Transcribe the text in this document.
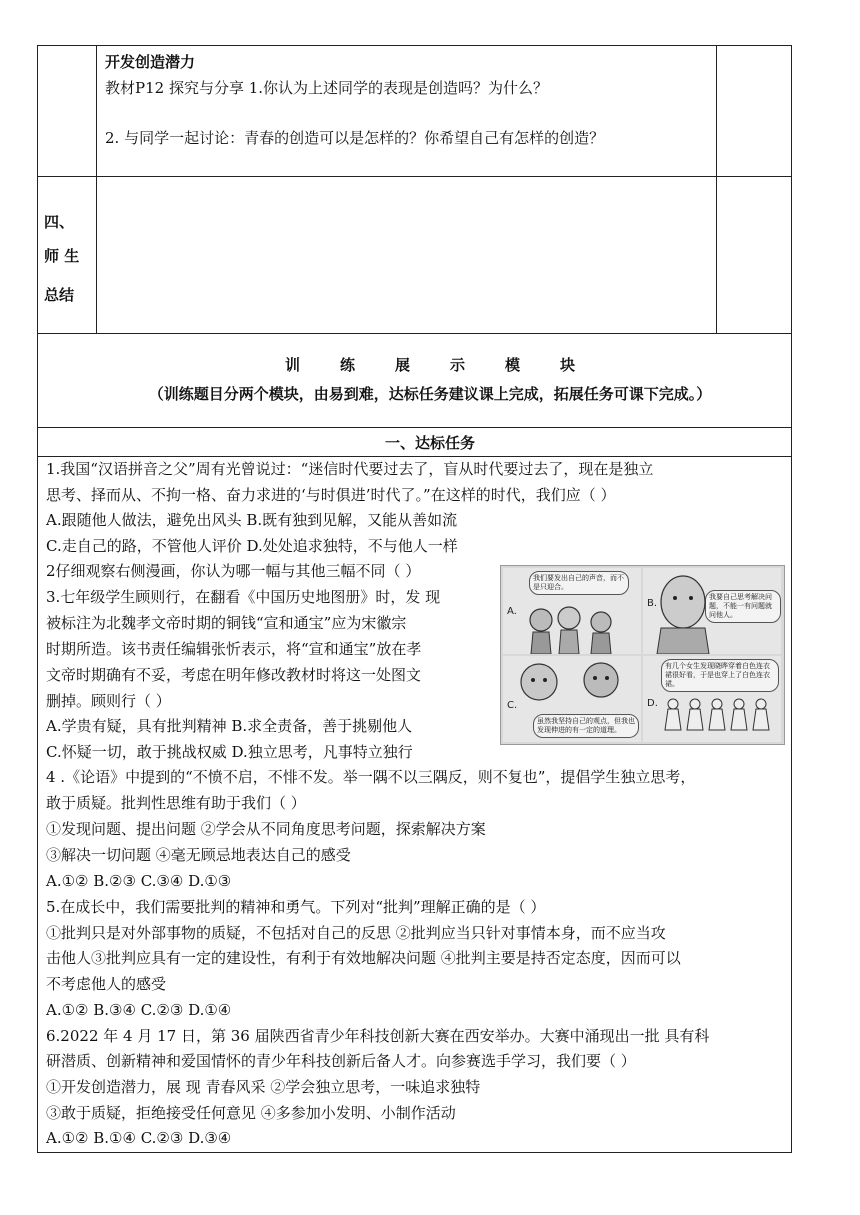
开发创造潜力
教材P12 探究与分享 1.你认为上述同学的表现是创造吗？为什么？
2. 与同学一起讨论：青春的创造可以是怎样的？你希望自己有怎样的创造？
四、
师 生
总结
训练展示模块
（训练题目分两个模块，由易到难，达标任务建议课上完成，拓展任务可课下完成。）
一、达标任务
1.我国“汉语拼音之父”周有光曾说过：“迷信时代要过去了，盲从时代要过去了，现在是独立
思考、择而从、不拘一格、奋力求进的‘与时俱进’时代了。”在这样的时代，我们应（ ）
A.跟随他人做法，避免出风头 B.既有独到见解，又能从善如流
C.走自己的路，不管他人评价 D.处处追求独特，不与他人一样
2仔细观察右侧漫画，你认为哪一幅与其他三幅不同（ ）
3.七年级学生顾则行，在翻看《中国历史地图册》时，发 现
被标注为北魏孝文帝时期的铜钱“宣和通宝”应为宋徽宗
时期所造。该书责任编辑张忻表示，将“宣和通宝”放在孝
文帝时期确有不妥，考虑在明年修改教材时将这一处图文
删掉。顾则行（ ）
A.学贵有疑，具有批判精神 B.求全责备，善于挑剔他人
C.怀疑一切，敢于挑战权威 D.独立思考，凡事特立独行
4 .《论语》中提到的“不愤不启，不悱不发。举一隅不以三隅反，则不复也”，提倡学生独立思考，
敢于质疑。批判性思维有助于我们（ ）
①发现问题、提出问题 ②学会从不同角度思考问题，探索解决方案
③解决一切问题 ④毫无顾忌地表达自己的感受
A.①② B.②③ C.③④ D.①③
5.在成长中，我们需要批判的精神和勇气。下列对“批判”理解正确的是（ ）
①批判只是对外部事物的质疑，不包括对自己的反思 ②批判应当只针对事情本身，而不应当攻
击他人③批判应具有一定的建设性，有利于有效地解决问题 ④批判主要是持否定态度，因而可以
不考虑他人的感受
A.①② B.③④ C.②③ D.①④
6.2022 年 4 月 17 日，第 36 届陕西省青少年科技创新大赛在西安举办。大赛中涌现出一批 具有科
研潜质、创新精神和爱国情怀的青少年科技创新后备人才。向参赛选手学习，我们要（ ）
①开发创造潜力，展 现 青春风采 ②学会独立思考，一味追求独特
③敢于质疑，拒绝接受任何意见 ④多参加小发明、小制作活动
A.①② B.①④ C.②③ D.③④
A.
我们要发出自己的声音，而不是只迎合。
B.
我要自己思考解决问题，不能一有问题就问他人。
C.
虽然我坚持自己的观点，但我也发现伸进的有一定的道理。
D.
有几个女生发现晓晔穿着白色连衣裙很好看，于是也穿上了白色连衣裙。
